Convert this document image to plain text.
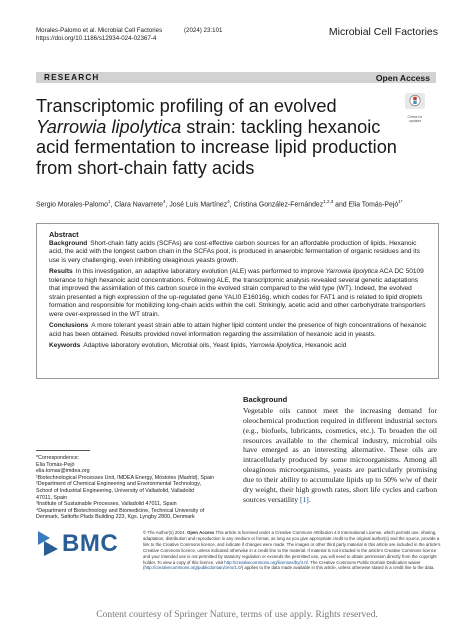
Morales-Palomo et al. Microbial Cell Factories	(2024) 23:101
https://doi.org/10.1186/s12934-024-02367-4
Microbial Cell Factories
RESEARCH	Open Access
Check for updates
Transcriptomic profiling of an evolved
Yarrowia lipolytica strain: tackling hexanoic
acid fermentation to increase lipid production
from short-chain fatty acids
Sergio Morales-Palomo$^1$, Clara Navarrete$^4$, José Luis Martínez$^4$, Cristina González-Fernández$^{1,2,3}$ and Elia Tomás-Pejó$^{1*}$
Abstract

Background Short-chain fatty acids (SCFAs) are cost-effective carbon sources for an affordable production of lipids. Hexanoic acid, the acid with the longest carbon chain in the SCFAs pool, is produced in anaerobic fermentation of organic residues and its use is very challenging, even inhibiting oleaginous yeasts growth.

Results In this investigation, an adaptive laboratory evolution (ALE) was performed to improve Yarrowia lipolytica ACA DC 50109 tolerance to high hexanoic acid concentrations. Following ALE, the transcriptomic analysis revealed several genetic adaptations that improved the assimilation of this carbon source in the evolved strain compared to the wild type (WT). Indeed, the evolved strain presented a high expression of the up-regulated gene YALI0 E16016g, which codes for FAT1 and is related to lipid droplets formation and responsible for mobilizing long-chain acids within the cell. Strikingly, acetic acid and other carbohydrate transporters were over-expressed in the WT strain.

Conclusions A more tolerant yeast strain able to attain higher lipid content under the presence of high concentrations of hexanoic acid has been obtained. Results provided novel information regarding the assimilation of hexanoic acid in yeasts.

Keywords Adaptive laboratory evolution, Microbial oils, Yeast lipids, Yarrowia lipolytica, Hexanoic acid

Background
Vegetable oils cannot meet the increasing demand for oleochemical production required in different industrial sectors (e.g., biofuels, lubricants, cosmetics, etc.). To broaden the oil resources available to the chemical industry, microbial oils have emerged as an interesting alternative. These oils are intracellularly produced by some microorganisms. Among all oleaginous microorganisms, yeasts are particularly promising due to their ability to accumulate lipids up to 50% w/w of their dry weight, their high growth rates, short life cycles and carbon sources versatility [1].
*Correspondence:
Elia Tomás-Pejó
elia.tomas@imdea.org
¹Biotechnological Processes Unit, IMDEA Energy, Móstoles (Madrid), Spain
²Department of Chemical Engineering and Environmental Technology,
School of Industrial Engineering, University of Valladolid, Valladolid
47011, Spain
³Institute of Sustainable Processes, Valladolid 47011, Spain
⁴Department of Biotechnology and Biomedicine, Technical University of
Denmark, Søltofts Plads Building 223, Kgs. Lyngby 2800, Denmark
BMC	© The Author(s) 2024. Open Access This article is licensed under a Creative Commons Attribution 4.0 International License, which permits use, sharing, adaptation, distribution and reproduction in any medium or format, as long as you give appropriate credit to the original author(s) and the source, provide a link to the Creative Commons licence, and indicate if changes were made. The images or other third party material in this article are included in the article's Creative Commons licence, unless indicated otherwise in a credit line to the material. If material is not included in the article's Creative Commons licence and your intended use is not permitted by statutory regulation or exceeds the permitted use, you will need to obtain permission directly from the copyright holder. To view a copy of this licence, visit http://creativecommons.org/licenses/by/4.0/. The Creative Commons Public Domain Dedication waiver (http://creativecommons.org/publicdomain/zero/1.0/) applies to the data made available in this article, unless otherwise stated in a credit line to the data.
Content courtesy of Springer Nature, terms of use apply. Rights reserved.
